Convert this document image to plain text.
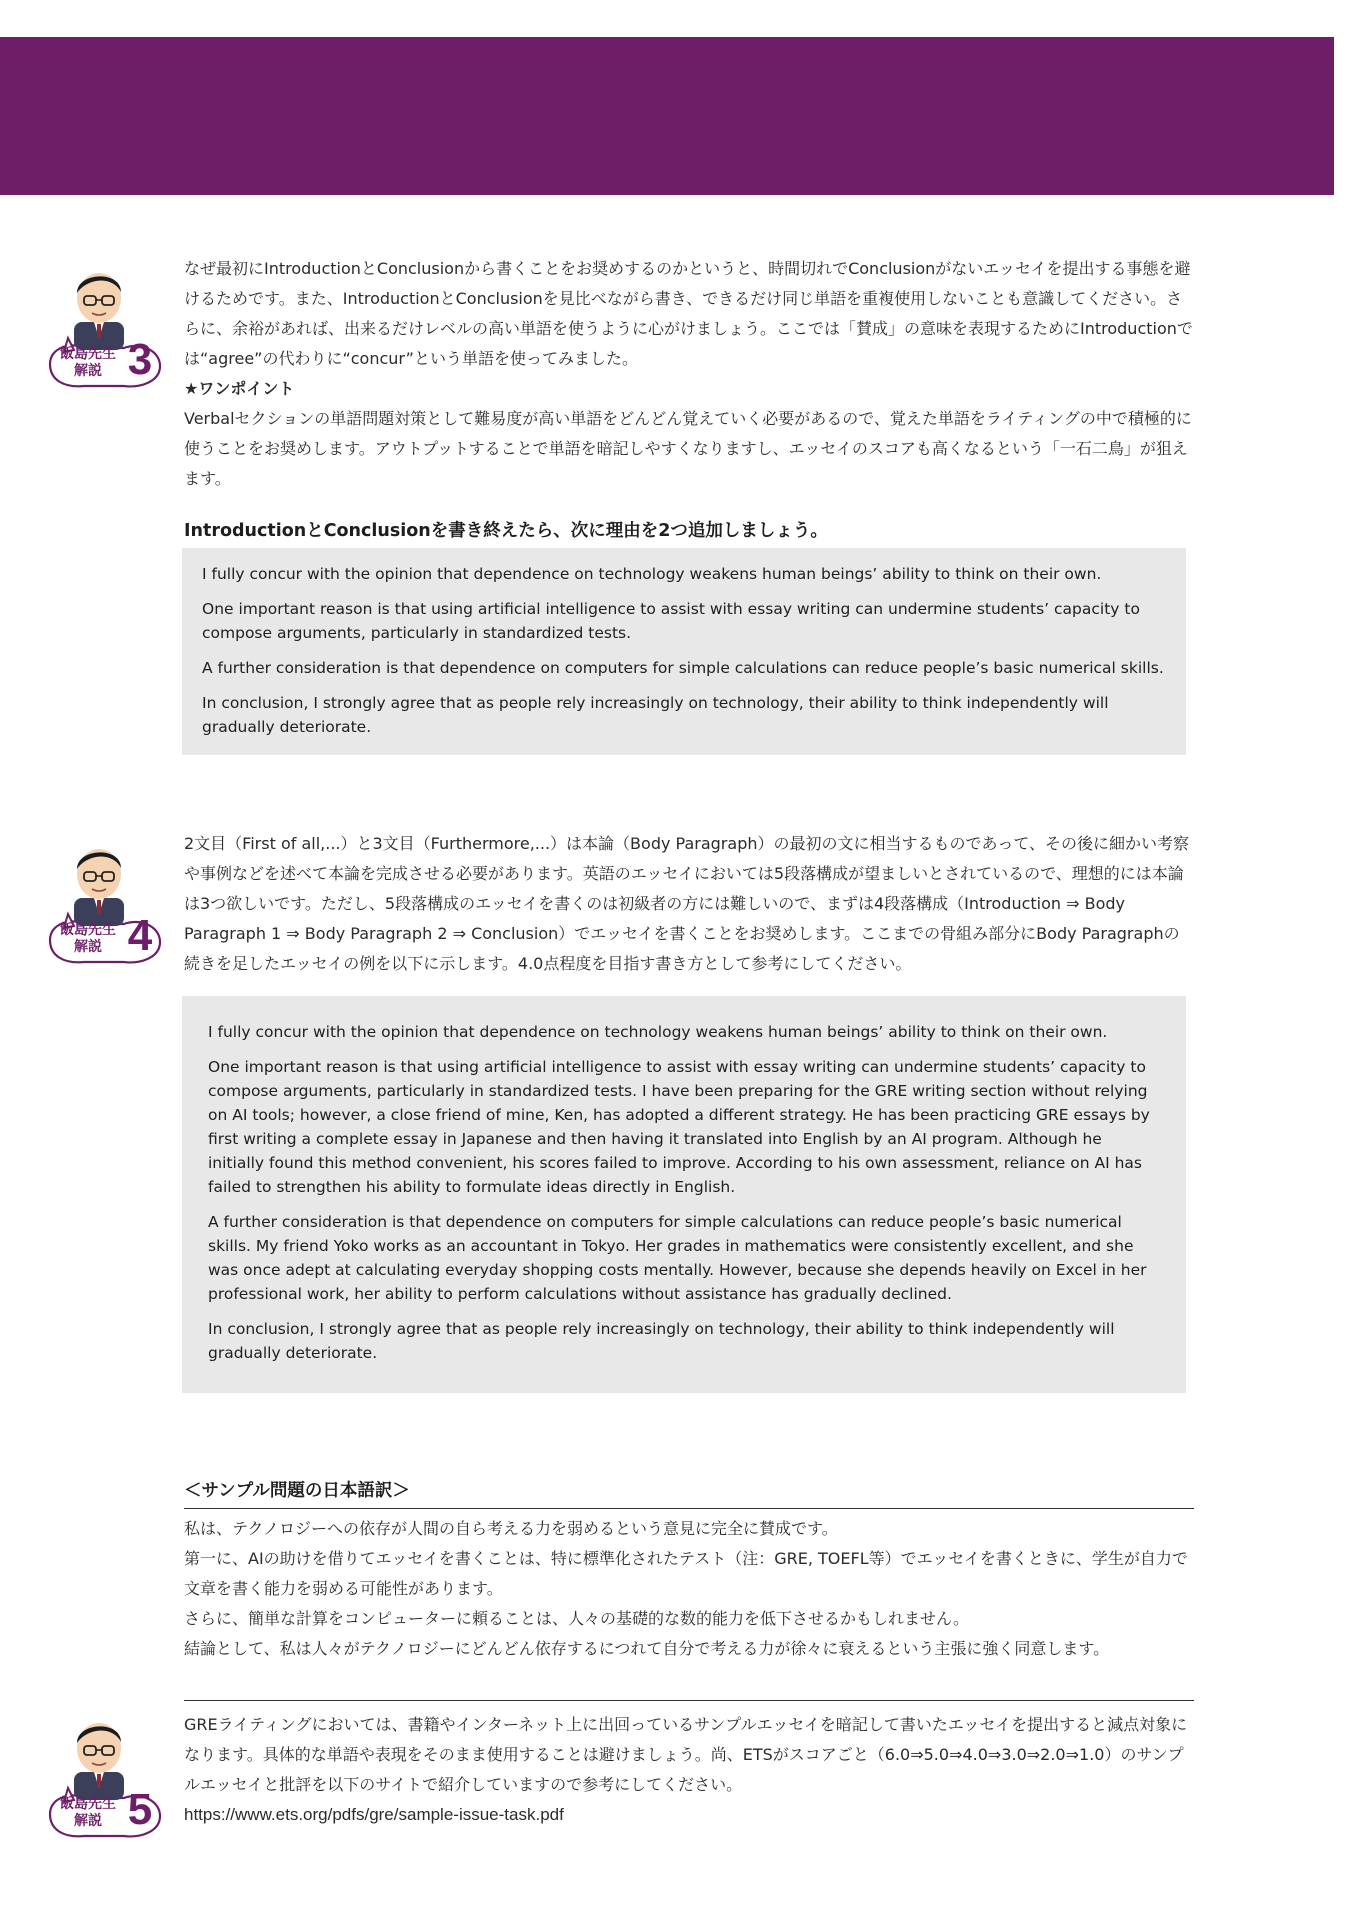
飯島先生
解説 3

なぜ最初にIntroductionとConclusionから書くことをお奨めするのかというと、時間切れでConclusionがないエッセイを提出する事態を避けるためです。また、IntroductionとConclusionを見比べながら書き、できるだけ同じ単語を重複使用しないことも意識してください。さらに、余裕があれば、出来るだけレベルの高い単語を使うように心がけましょう。ここでは「賛成」の意味を表現するためにIntroductionでは“agree”の代わりに“concur”という単語を使ってみました。

★ワンポイント

Verbalセクションの単語問題対策として難易度が高い単語をどんどん覚えていく必要があるので、覚えた単語をライティングの中で積極的に使うことをお奨めします。アウトプットすることで単語を暗記しやすくなりますし、エッセイのスコアも高くなるという「一石二鳥」が狙えます。

IntroductionとConclusionを書き終えたら、次に理由を2つ追加しましょう。

I fully concur with the opinion that dependence on technology weakens human beings’ ability to think on their own.

One important reason is that using artificial intelligence to assist with essay writing can undermine students’ capacity to compose arguments, particularly in standardized tests.

A further consideration is that dependence on computers for simple calculations can reduce people’s basic numerical skills.

In conclusion, I strongly agree that as people rely increasingly on technology, their ability to think independently will gradually deteriorate.

飯島先生
解説 4

2文目（First of all,...）と3文目（Furthermore,...）は本論（Body Paragraph）の最初の文に相当するものであって、その後に細かい考察や事例などを述べて本論を完成させる必要があります。英語のエッセイにおいては5段落構成が望ましいとされているので、理想的には本論は3つ欲しいです。ただし、5段落構成のエッセイを書くのは初級者の方には難しいので、まずは4段落構成（Introduction ⇒ Body Paragraph 1 ⇒ Body Paragraph 2 ⇒ Conclusion）でエッセイを書くことをお奨めします。ここまでの骨組み部分にBody Paragraphの続きを足したエッセイの例を以下に示します。4.0点程度を目指す書き方として参考にしてください。

I fully concur with the opinion that dependence on technology weakens human beings’ ability to think on their own.

One important reason is that using artificial intelligence to assist with essay writing can undermine students’ capacity to compose arguments, particularly in standardized tests. I have been preparing for the GRE writing section without relying on AI tools; however, a close friend of mine, Ken, has adopted a different strategy. He has been practicing GRE essays by first writing a complete essay in Japanese and then having it translated into English by an AI program. Although he initially found this method convenient, his scores failed to improve. According to his own assessment, reliance on AI has failed to strengthen his ability to formulate ideas directly in English.

A further consideration is that dependence on computers for simple calculations can reduce people’s basic numerical skills. My friend Yoko works as an accountant in Tokyo. Her grades in mathematics were consistently excellent, and she was once adept at calculating everyday shopping costs mentally. However, because she depends heavily on Excel in her professional work, her ability to perform calculations without assistance has gradually declined.

In conclusion, I strongly agree that as people rely increasingly on technology, their ability to think independently will gradually deteriorate.

＜サンプル問題の日本語訳＞

私は、テクノロジーへの依存が人間の自ら考える力を弱めるという意見に完全に賛成です。

第一に、AIの助けを借りてエッセイを書くことは、特に標準化されたテスト（注：GRE, TOEFL等）でエッセイを書くときに、学生が自力で文章を書く能力を弱める可能性があります。

さらに、簡単な計算をコンピューターに頼ることは、人々の基礎的な数的能力を低下させるかもしれません。

結論として、私は人々がテクノロジーにどんどん依存するにつれて自分で考える力が徐々に衰えるという主張に強く同意します。

飯島先生
解説 5

GREライティングにおいては、書籍やインターネット上に出回っているサンプルエッセイを暗記して書いたエッセイを提出すると減点対象になります。具体的な単語や表現をそのまま使用することは避けましょう。尚、ETSがスコアごと（6.0⇒5.0⇒4.0⇒3.0⇒2.0⇒1.0）のサンプルエッセイと批評を以下のサイトで紹介していますので参考にしてください。

https://www.ets.org/pdfs/gre/sample-issue-task.pdf
